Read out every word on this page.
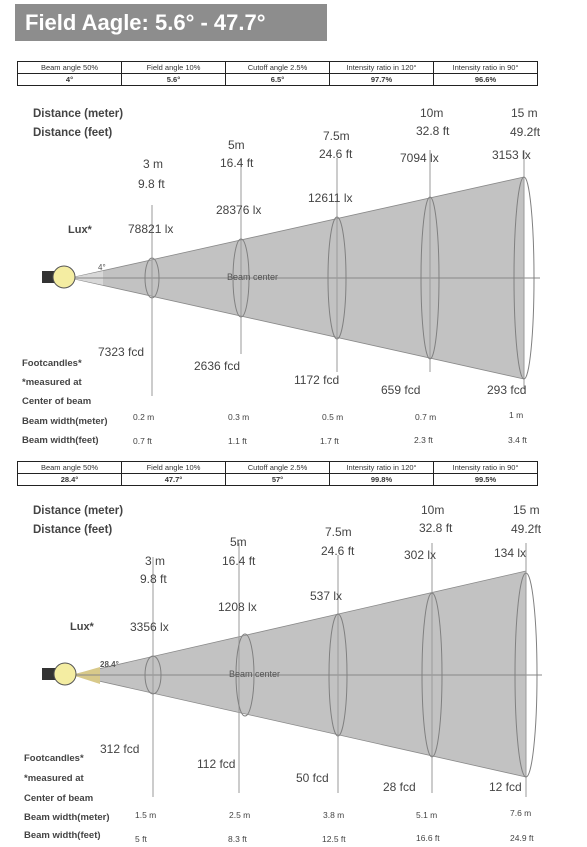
Field Aagle: 5.6° - 47.7°
Beam angle 50%	Field angle 10%	Cutoff angle 2.5%	Intensity ratio in 120°	Intensity ratio in 90°
4°	5.6°	6.5°	97.7%	96.6%
Beam angle 50%	Field angle 10%	Cutoff angle 2.5%	Intensity ratio in 120°	Intensity ratio in 90°
28.4°	47.7°	57°	99.8%	99.5%
Distance (meter)
Distance (feet)
4°
Beam center
Lux*
3 m
5m
7.5m
10m	15 m
9.8 ft
16.4 ft
24.6 ft
32.8 ft	49.2ft
78821 lx
28376 lx
12611 lx
7094 lx	3153 lx
Footcandles*
*measured at
Center of beam
Beam width(meter)
Beam width(feet)
7323 fcd
2636 fcd
1172 fcd
659 fcd	293 fcd
0.2 m	0.3 m	0.5 m	0.7 m	1 m
0.7 ft	1.1 ft	1.7 ft	2.3 ft	3.4 ft
Distance (meter)
Distance (feet)
28.4°
Beam center
Lux*
3 m
5m
7.5m
10m	15 m
9.8 ft
16.4 ft
24.6 ft
32.8 ft	49.2ft
3356 lx
1208 lx
537 lx
302 lx	134 lx
Footcandles*
*measured at
Center of beam
Beam width(meter)
Beam width(feet)
312 fcd
112 fcd
50 fcd
28 fcd	12 fcd
1.5 m	2.5 m	3.8 m	5.1 m	7.6 m
5 ft	8.3 ft	12.5 ft	16.6 ft	24.9 ft
